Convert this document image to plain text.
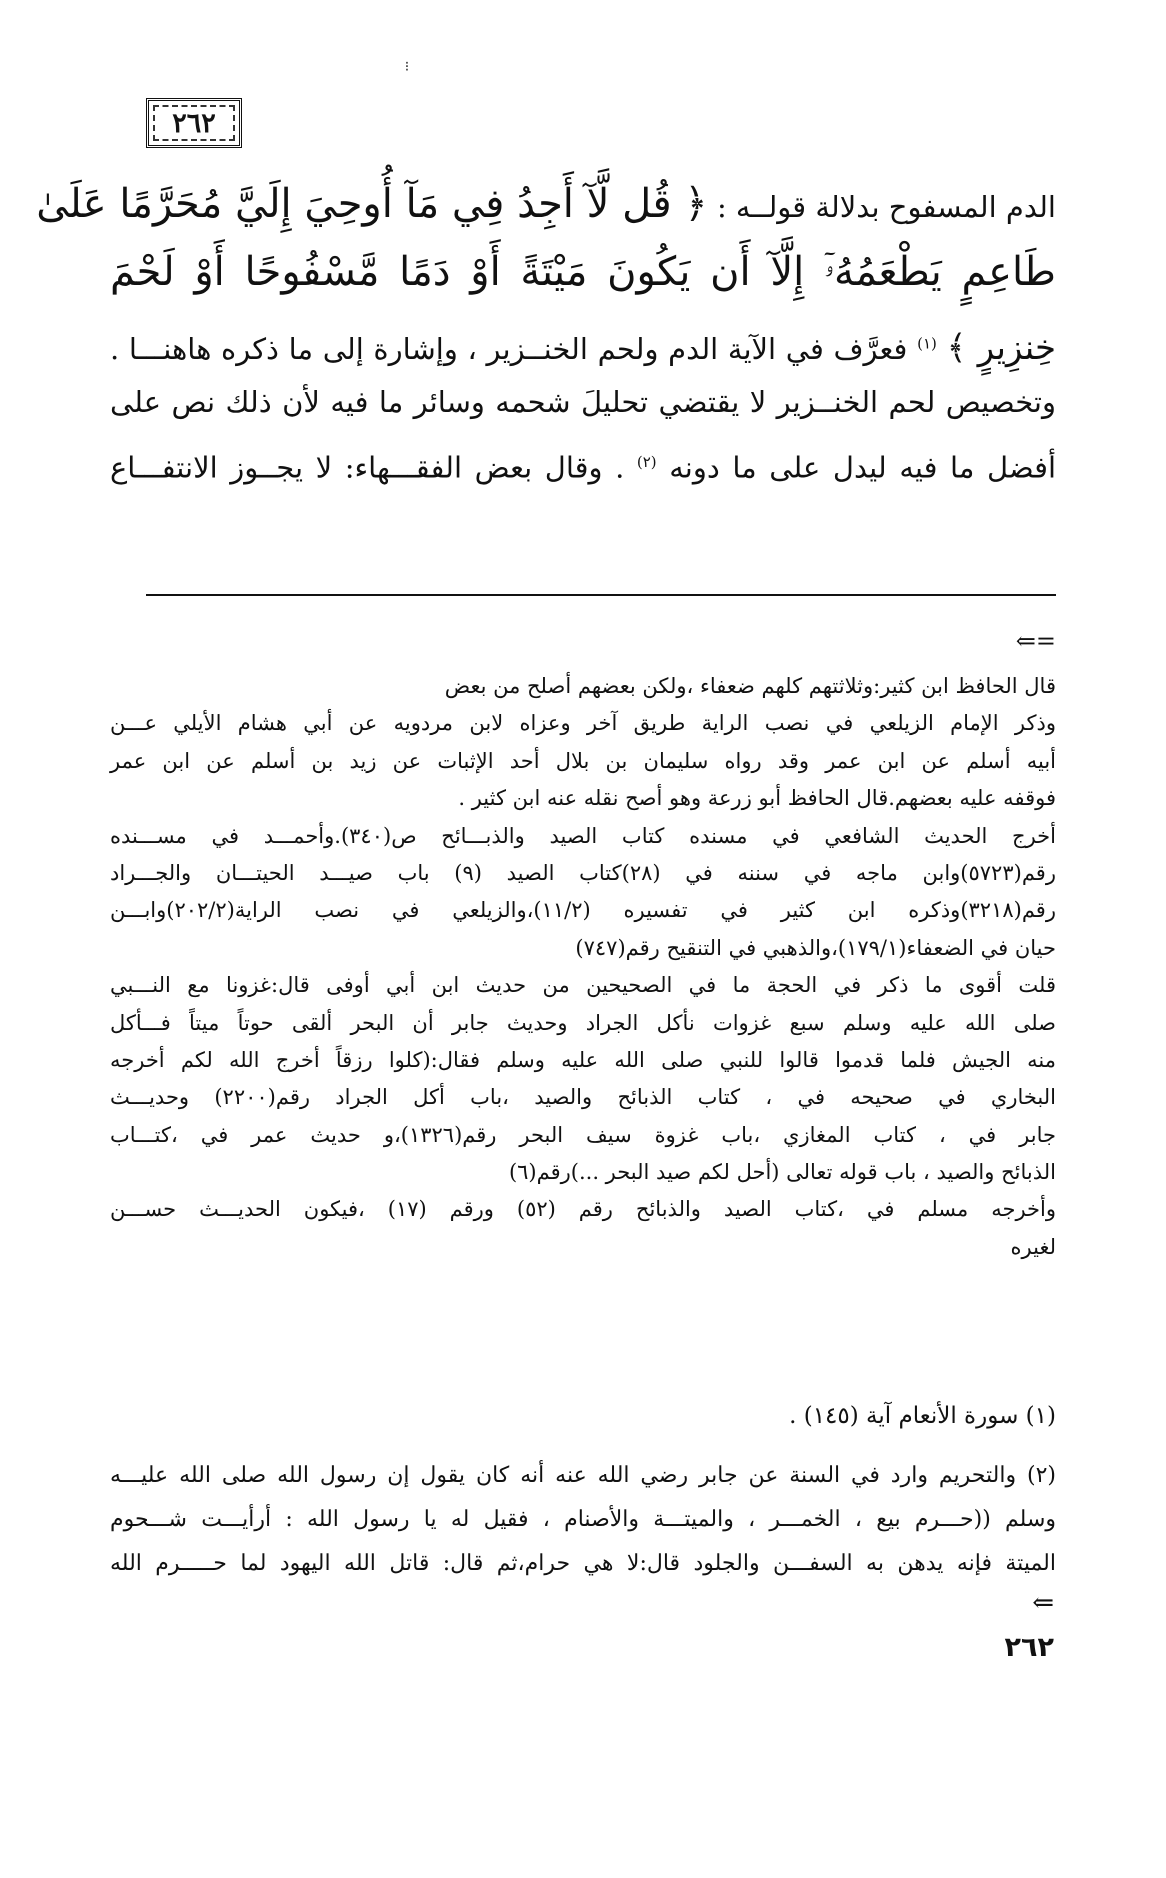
⁝
٢٦٢
الدم المسفوح بدلالة قولــه : ﴿ قُل لَّآ أَجِدُ فِي مَآ أُوحِيَ إِلَيَّ مُحَرَّمًا عَلَىٰ
طَاعِمٍ يَطْعَمُهُۥٓ إِلَّآ أَن يَكُونَ مَيْتَةً أَوْ دَمًا مَّسْفُوحًا أَوْ لَحْمَ
خِنزِيرٍ ﴾ $^{(١)}$ فعرَّف في الآية الدم ولحم الخنــزير ، وإشارة إلى ما ذكره هاهنـــا .
وتخصيص لحم الخنــزير لا يقتضي تحليلَ شحمه وسائر ما فيه لأن ذلك نص على
أفضل ما فيه ليدل على ما دونه $^{(٢)}$ . وقال بعض الفقـــهاء: لا يجــوز الانتفـــاع
⇐=
قال الحافظ ابن كثير:وثلاثتهم كلهم ضعفاء ،ولكن بعضهم أصلح من بعض
وذكر الإمام الزيلعي في نصب الراية طريق آخر وعزاه لابن مردويه عن أبي هشام الأيلي عـــن
أبيه أسلم عن ابن عمر وقد رواه سليمان بن بلال أحد الإثبات عن زيد بن أسلم عن ابن عمر
فوقفه عليه بعضهم.قال الحافظ أبو زرعة وهو أصح نقله عنه ابن كثير .
أخرج الحديث الشافعي في مسنده كتاب الصيد والذبـــائح ص(٣٤٠).وأحمـــد في مســـنده
رقم(٥٧٢٣)وابن ماجه في سننه في (٢٨)كتاب الصيد (٩) باب صيـــد الحيتـــان والجـــراد
رقم(٣٢١٨)وذكره ابن كثير في تفسيره (١١/٢)،والزيلعي في نصب الراية(٢٠٢/٢)وابـــن
حيان في الضعفاء(١٧٩/١)،والذهبي في التنقيح رقم(٧٤٧)
قلت أقوى ما ذكر في الحجة ما في الصحيحين من حديث ابن أبي أوفى قال:غزونا مع النـــبي
صلى الله عليه وسلم سبع غزوات نأكل الجراد وحديث جابر أن البحر ألقى حوتاً ميتاً فـــأكل
منه الجيش فلما قدموا قالوا للنبي صلى الله عليه وسلم فقال:(كلوا رزقاً أخرج الله لكم أخرجه
البخاري في صحيحه في ، كتاب الذبائح والصيد ،باب أكل الجراد رقم(٢٢٠٠) وحديـــث
جابر في ، كتاب المغازي ،باب غزوة سيف البحر رقم(١٣٢٦)،و حديث عمر في ،كتـــاب
الذبائح والصيد ، باب قوله تعالى (أحل لكم صيد البحر ...)رقم(٦)
وأخرجه مسلم في ،كتاب الصيد والذبائح رقم (٥٢) ورقم (١٧) ،فيكون الحديـــث حســـن
لغيره
(١) سورة الأنعام آية (١٤٥) .
(٢) والتحريم وارد في السنة عن جابر رضي الله عنه أنه كان يقول إن رسول الله صلى الله عليـــه
وسلم ((حـــرم بيع ، الخمـــر ، والميتـــة والأصنام ، فقيل له يا رسول الله : أرأيـــت شـــحوم
الميتة فإنه يدهن به السفـــن والجلود قال:لا هي حرام،ثم قال: قاتل الله اليهود لما حـــــرم الله
⇐
٢٦٢
